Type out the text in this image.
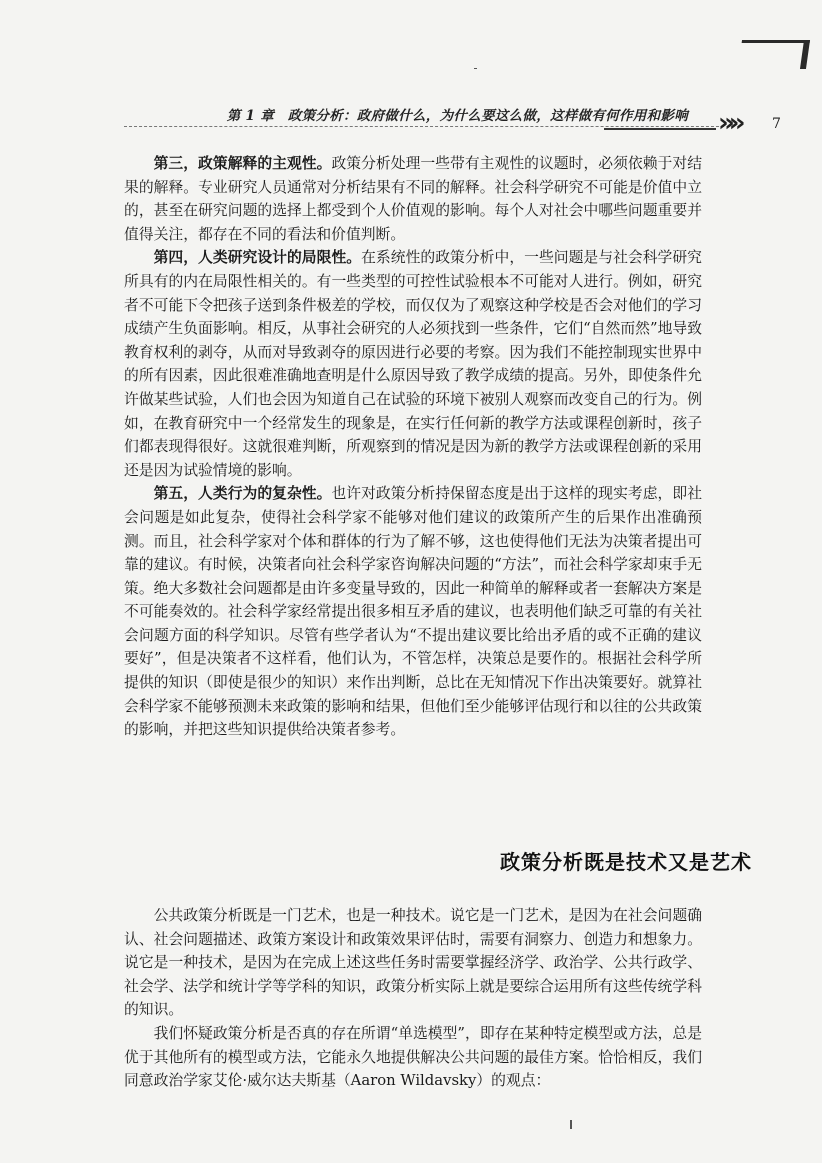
第 1 章　政策分析：政府做什么，为什么要这么做，这样做有何作用和影响 »» 7

第三，政策解释的主观性。政策分析处理一些带有主观性的议题时，必须依赖于对结果的解释。专业研究人员通常对分析结果有不同的解释。社会科学研究不可能是价值中立的，甚至在研究问题的选择上都受到个人价值观的影响。每个人对社会中哪些问题重要并值得关注，都存在不同的看法和价值判断。

第四，人类研究设计的局限性。在系统性的政策分析中，一些问题是与社会科学研究所具有的内在局限性相关的。有一些类型的可控性试验根本不可能对人进行。例如，研究者不可能下令把孩子送到条件极差的学校，而仅仅为了观察这种学校是否会对他们的学习成绩产生负面影响。相反，从事社会研究的人必须找到一些条件，它们“自然而然”地导致教育权利的剥夺，从而对导致剥夺的原因进行必要的考察。因为我们不能控制现实世界中的所有因素，因此很难准确地查明是什么原因导致了教学成绩的提高。另外，即使条件允许做某些试验，人们也会因为知道自己在试验的环境下被别人观察而改变自己的行为。例如，在教育研究中一个经常发生的现象是，在实行任何新的教学方法或课程创新时，孩子们都表现得很好。这就很难判断，所观察到的情况是因为新的教学方法或课程创新的采用还是因为试验情境的影响。

第五，人类行为的复杂性。也许对政策分析持保留态度是出于这样的现实考虑，即社会问题是如此复杂，使得社会科学家不能够对他们建议的政策所产生的后果作出准确预测。而且，社会科学家对个体和群体的行为了解不够，这也使得他们无法为决策者提出可靠的建议。有时候，决策者向社会科学家咨询解决问题的“方法”，而社会科学家却束手无策。绝大多数社会问题都是由许多变量导致的，因此一种简单的解释或者一套解决方案是不可能奏效的。社会科学家经常提出很多相互矛盾的建议，也表明他们缺乏可靠的有关社会问题方面的科学知识。尽管有些学者认为“不提出建议要比给出矛盾的或不正确的建议要好”，但是决策者不这样看，他们认为，不管怎样，决策总是要作的。根据社会科学所提供的知识（即使是很少的知识）来作出判断，总比在无知情况下作出决策要好。就算社会科学家不能够预测未来政策的影响和结果，但他们至少能够评估现行和以往的公共政策的影响，并把这些知识提供给决策者参考。

政策分析既是技术又是艺术

公共政策分析既是一门艺术，也是一种技术。说它是一门艺术，是因为在社会问题确认、社会问题描述、政策方案设计和政策效果评估时，需要有洞察力、创造力和想象力。说它是一种技术，是因为在完成上述这些任务时需要掌握经济学、政治学、公共行政学、社会学、法学和统计学等学科的知识，政策分析实际上就是要综合运用所有这些传统学科的知识。

我们怀疑政策分析是否真的存在所谓“单选模型”，即存在某种特定模型或方法，总是优于其他所有的模型或方法，它能永久地提供解决公共问题的最佳方案。恰恰相反，我们同意政治学家艾伦·威尔达夫斯基（Aaron Wildavsky）的观点：
